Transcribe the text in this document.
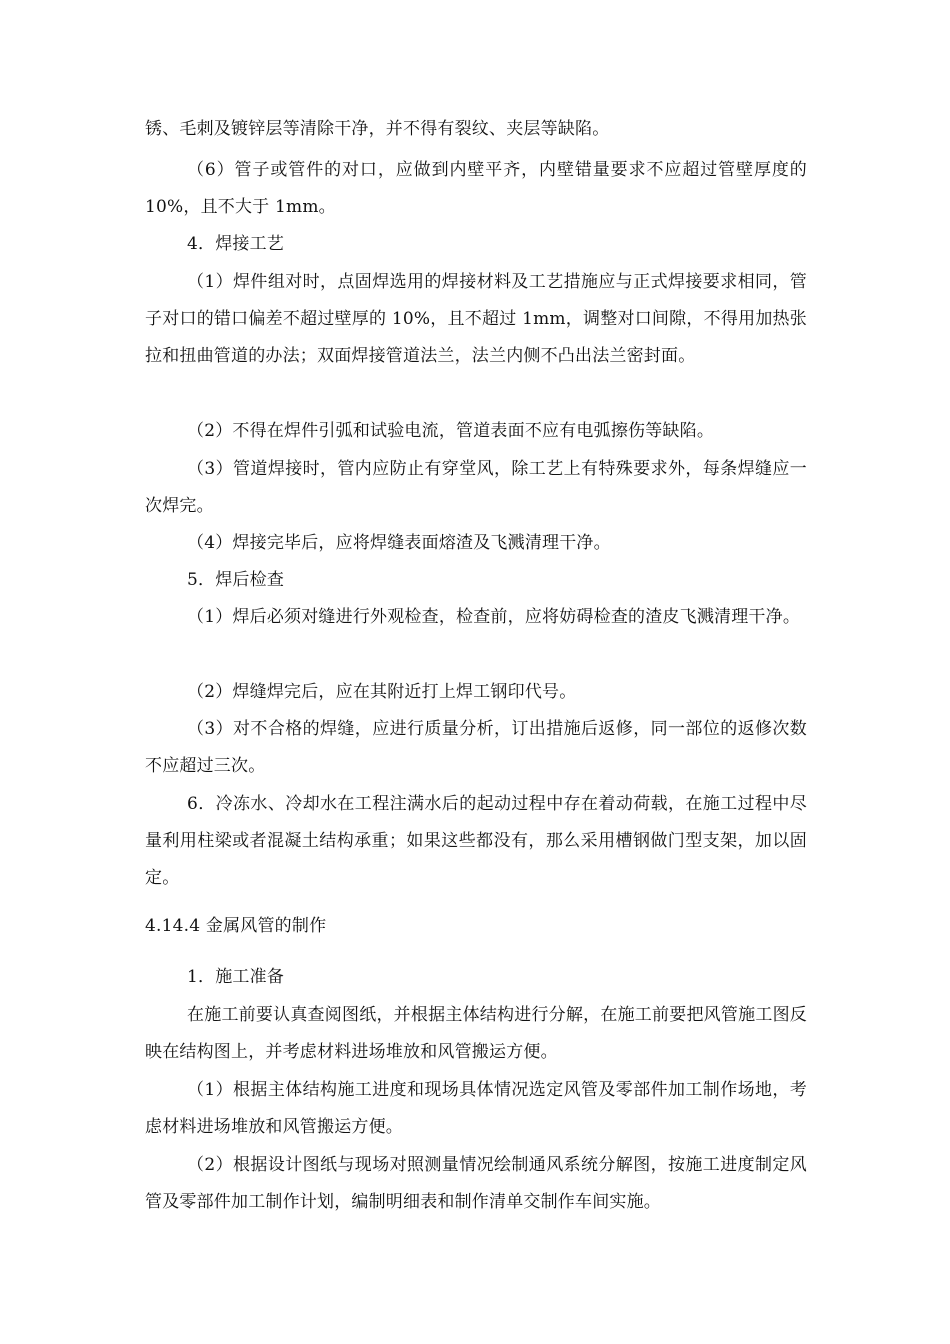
锈、毛刺及镀锌层等清除干净，并不得有裂纹、夹层等缺陷。

（6）管子或管件的对口，应做到内壁平齐，内壁错量要求不应超过管壁厚度的 10%，且不大于 1mm。

4．焊接工艺

（1）焊件组对时，点固焊选用的焊接材料及工艺措施应与正式焊接要求相同，管子对口的错口偏差不超过壁厚的 10%，且不超过 1mm，调整对口间隙，不得用加热张拉和扭曲管道的办法；双面焊接管道法兰，法兰内侧不凸出法兰密封面。

（2）不得在焊件引弧和试验电流，管道表面不应有电弧擦伤等缺陷。

（3）管道焊接时，管内应防止有穿堂风，除工艺上有特殊要求外，每条焊缝应一次焊完。

（4）焊接完毕后，应将焊缝表面熔渣及飞溅清理干净。

5．焊后检查

（1）焊后必须对缝进行外观检查，检查前，应将妨碍检查的渣皮飞溅清理干净。

（2）焊缝焊完后，应在其附近打上焊工钢印代号。

（3）对不合格的焊缝，应进行质量分析，订出措施后返修，同一部位的返修次数不应超过三次。

6．冷冻水、冷却水在工程注满水后的起动过程中存在着动荷载，在施工过程中尽量利用柱梁或者混凝土结构承重；如果这些都没有，那么采用槽钢做门型支架，加以固定。

4.14.4 金属风管的制作

1．施工准备

在施工前要认真查阅图纸，并根据主体结构进行分解，在施工前要把风管施工图反映在结构图上，并考虑材料进场堆放和风管搬运方便。

（1）根据主体结构施工进度和现场具体情况选定风管及零部件加工制作场地，考虑材料进场堆放和风管搬运方便。

（2）根据设计图纸与现场对照测量情况绘制通风系统分解图，按施工进度制定风管及零部件加工制作计划，编制明细表和制作清单交制作车间实施。
